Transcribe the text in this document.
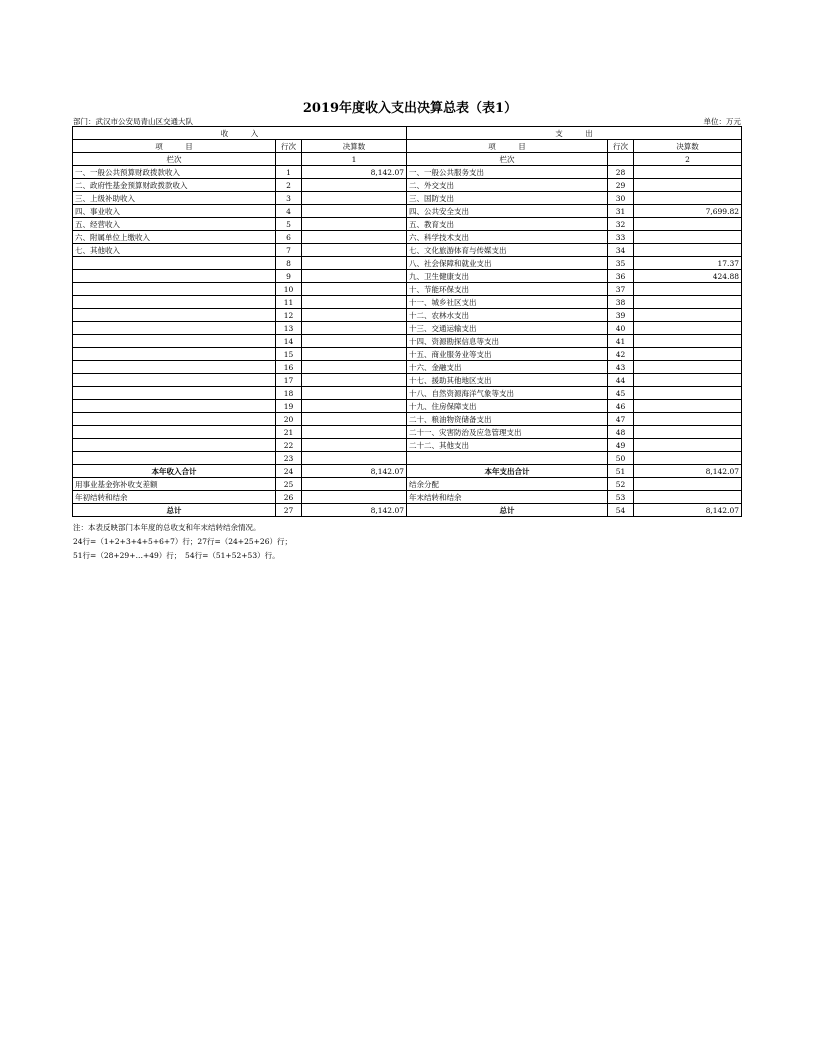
2019年度收入支出决算总表（表1）
部门：武汉市公安局青山区交通大队	单位：万元
收　　　入			支　　　出		
项　　　目	行次	决算数	项　　　目	行次	决算数
栏次		1	栏次		2
一、一般公共预算财政拨款收入	1	8,142.07	一、一般公共服务支出	28	
二、政府性基金预算财政拨款收入	2		二、外交支出	29	
三、上级补助收入	3		三、国防支出	30	
四、事业收入	4		四、公共安全支出	31	7,699.82
五、经营收入	5		五、教育支出	32	
六、附属单位上缴收入	6		六、科学技术支出	33	
七、其他收入	7		七、文化旅游体育与传媒支出	34	
	8		八、社会保障和就业支出	35	17.37
	9		九、卫生健康支出	36	424.88
	10		十、节能环保支出	37	
	11		十一、城乡社区支出	38	
	12		十二、农林水支出	39	
	13		十三、交通运输支出	40	
	14		十四、资源勘探信息等支出	41	
	15		十五、商业服务业等支出	42	
	16		十六、金融支出	43	
	17		十七、援助其他地区支出	44	
	18		十八、自然资源海洋气象等支出	45	
	19		十九、住房保障支出	46	
	20		二十、粮油物资储备支出	47	
	21		二十一、灾害防治及应急管理支出	48	
	22		二十二、其他支出	49	
	23			50	
本年收入合计	24	8,142.07	本年支出合计	51	8,142.07
用事业基金弥补收支差额	25		结余分配	52	
年初结转和结余	26		年末结转和结余	53	
总计	27	8,142.07	总计	54	8,142.07
注：本表反映部门本年度的总收支和年末结转结余情况。
24行=（1+2+3+4+5+6+7）行；27行=（24+25+26）行；
51行=（28+29+…+49）行；　54行=（51+52+53）行。
